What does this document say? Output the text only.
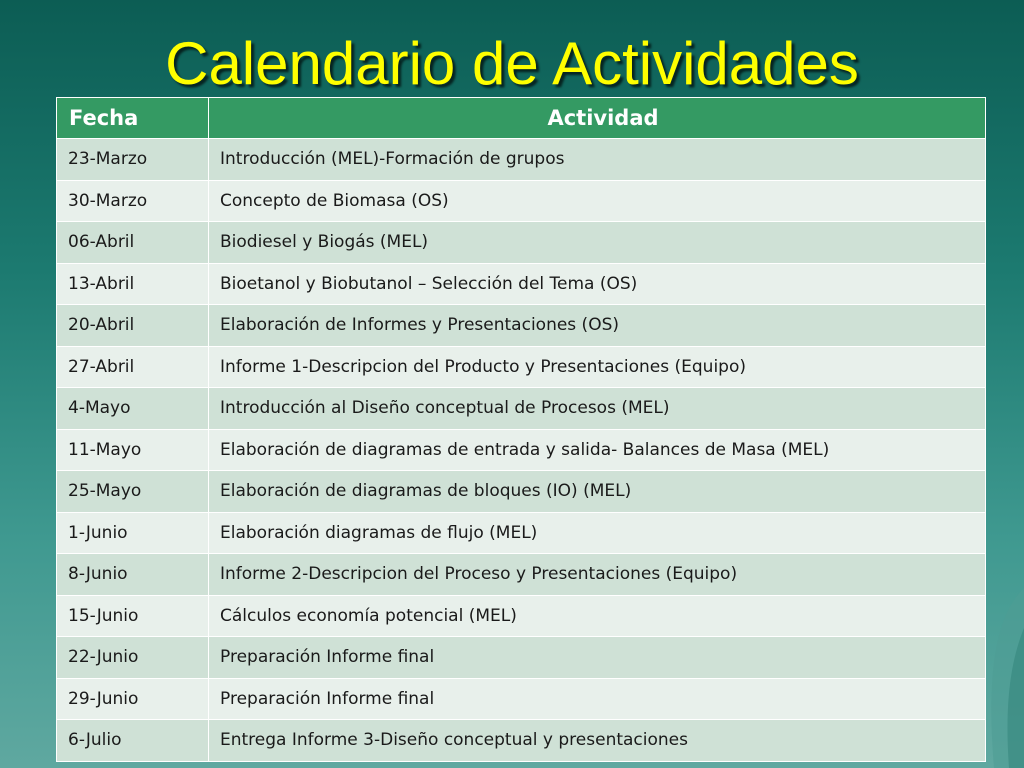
Calendario de Actividades
Fecha	Actividad
23-Marzo	Introducción (MEL)-Formación de grupos
30-Marzo	Concepto de Biomasa (OS)
06-Abril	Biodiesel y Biogás (MEL)
13-Abril	Bioetanol y Biobutanol – Selección del Tema (OS)
20-Abril	Elaboración de Informes y Presentaciones (OS)
27-Abril	Informe 1-Descripcion del Producto y Presentaciones (Equipo)
4-Mayo	Introducción al Diseño conceptual de Procesos (MEL)
11-Mayo	Elaboración de diagramas de entrada y salida- Balances de Masa (MEL)
25-Mayo	Elaboración de diagramas de bloques (IO) (MEL)
1-Junio	Elaboración diagramas de flujo (MEL)
8-Junio	Informe 2-Descripcion del Proceso y Presentaciones (Equipo)
15-Junio	Cálculos economía potencial (MEL)
22-Junio	Preparación Informe final
29-Junio	Preparación Informe final
6-Julio	Entrega Informe 3-Diseño conceptual y presentaciones
